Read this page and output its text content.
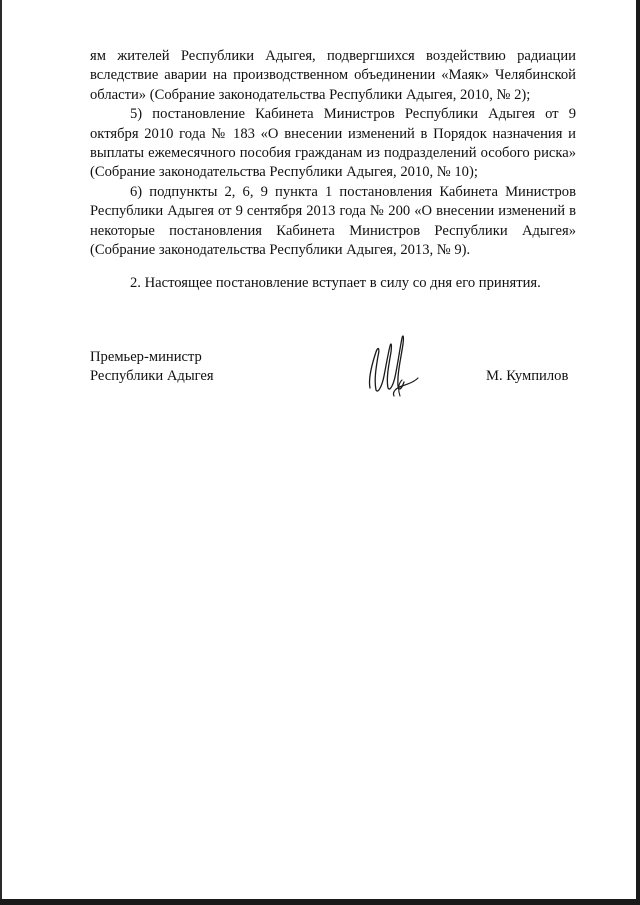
ям жителей Республики Адыгея, подвергшихся воздействию радиации вследствие аварии на производственном объединении «Маяк» Челябинской области» (Собрание законодательства Республики Адыгея, 2010, № 2);

5) постановление Кабинета Министров Республики Адыгея от 9 октября 2010 года № 183 «О внесении изменений в Порядок назначения и выплаты ежемесячного пособия гражданам из подразделений особого риска» (Собрание законодательства Республики Адыгея, 2010, № 10);

6) подпункты 2, 6, 9 пункта 1 постановления Кабинета Министров Республики Адыгея от 9 сентября 2013 года № 200 «О внесении изменений в некоторые постановления Кабинета Министров Республики Адыгея» (Собрание законодательства Республики Адыгея, 2013, № 9).

2. Настоящее постановление вступает в силу со дня его принятия.

Премьер-министр
Республики Адыгея	М. Кумпилов
